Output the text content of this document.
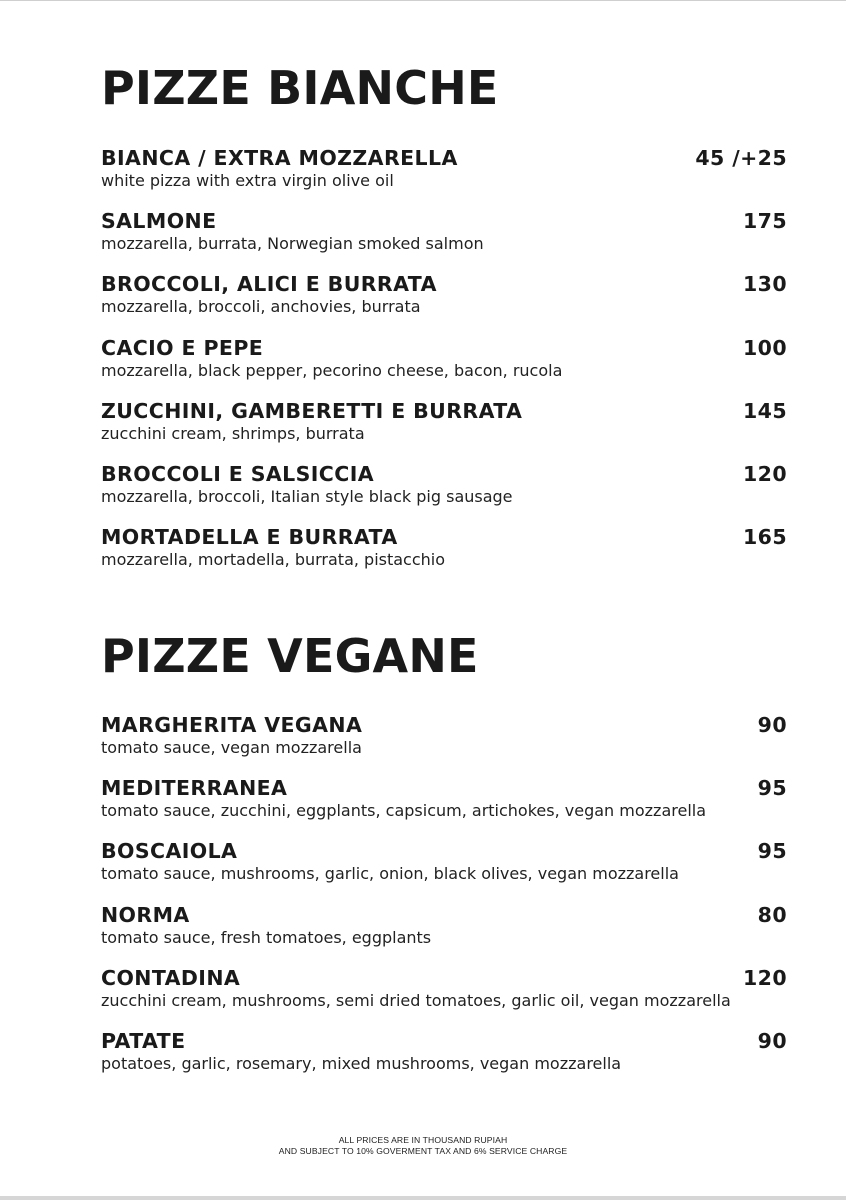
PIZZE BIANCHE
BIANCA / EXTRA MOZZARELLA	45 /+25
white pizza with extra virgin olive oil
SALMONE	175
mozzarella, burrata, Norwegian smoked salmon
BROCCOLI, ALICI E BURRATA	130
mozzarella, broccoli, anchovies, burrata
CACIO E PEPE	100
mozzarella, black pepper, pecorino cheese, bacon, rucola
ZUCCHINI, GAMBERETTI E BURRATA	145
zucchini cream, shrimps, burrata
BROCCOLI E SALSICCIA	120
mozzarella, broccoli, Italian style black pig sausage
MORTADELLA E BURRATA	165
mozzarella, mortadella, burrata, pistacchio
PIZZE VEGANE
MARGHERITA VEGANA	90
tomato sauce, vegan mozzarella
MEDITERRANEA	95
tomato sauce, zucchini, eggplants, capsicum, artichokes, vegan mozzarella
BOSCAIOLA	95
tomato sauce, mushrooms, garlic, onion, black olives, vegan mozzarella
NORMA	80
tomato sauce, fresh tomatoes, eggplants
CONTADINA	120
zucchini cream, mushrooms, semi dried tomatoes, garlic oil, vegan mozzarella
PATATE	90
potatoes, garlic, rosemary, mixed mushrooms, vegan mozzarella
ALL PRICES ARE IN THOUSAND RUPIAH
AND SUBJECT TO 10% GOVERMENT TAX AND 6% SERVICE CHARGE
